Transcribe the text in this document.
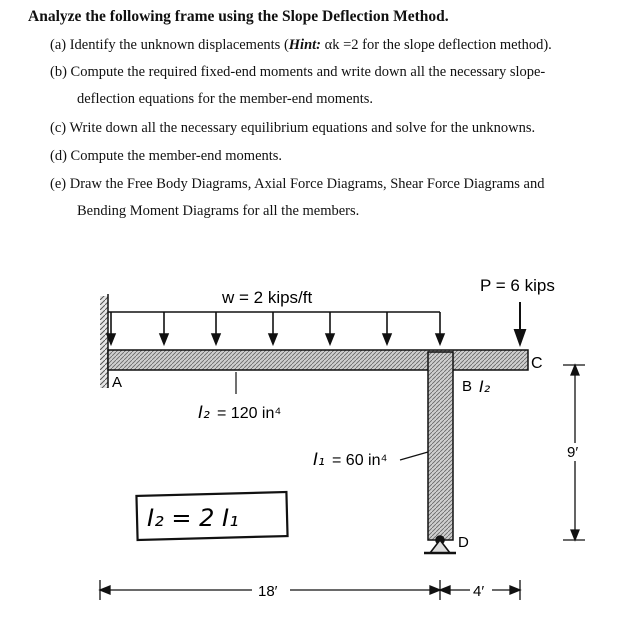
Analyze the following frame using the Slope Deflection Method.
(a) Identify the unknown displacements (Hint: αk =2 for the slope deflection method).
(b) Compute the required fixed-end moments and write down all the necessary slope-
deflection equations for the member-end moments.
(c) Write down all the necessary equilibrium equations and solve for the unknowns.
(d) Compute the member-end moments.
(e) Draw the Free Body Diagrams, Axial Force Diagrams, Shear Force Diagrams and
Bending Moment Diagrams for all the members.
w = 2 kips/ft
P = 6 kips
A	B I₂
C
D
I₂ = 120 in⁴
I₁ = 60 in⁴
I₂ = 2 I₁
9′
18′	4′
